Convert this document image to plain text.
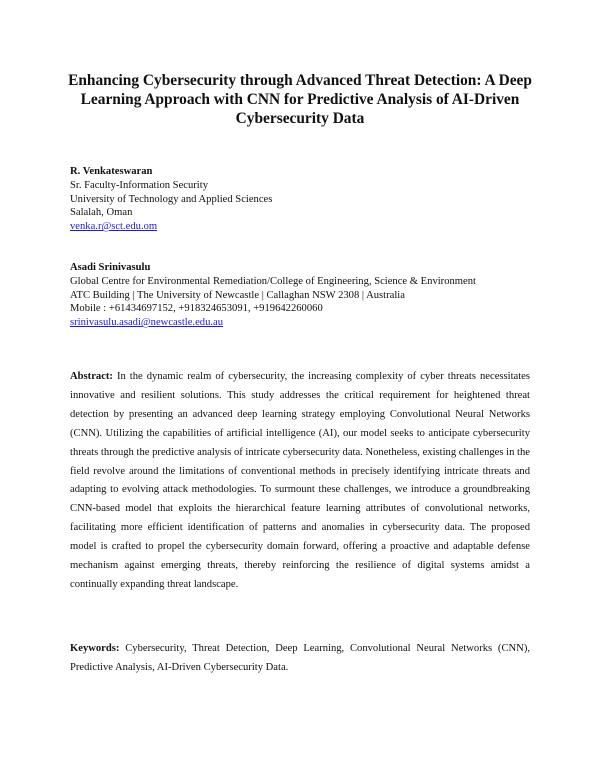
Enhancing Cybersecurity through Advanced Threat Detection: A Deep Learning Approach with CNN for Predictive Analysis of AI-Driven Cybersecurity Data
R. Venkateswaran
Sr. Faculty-Information Security
University of Technology and Applied Sciences
Salalah, Oman
venka.r@sct.edu.om
Asadi Srinivasulu
Global Centre for Environmental Remediation/College of Engineering, Science & Environment
ATC Building | The University of Newcastle | Callaghan NSW 2308 | Australia
Mobile : +61434697152, +918324653091, +919642260060
srinivasulu.asadi@newcastle.edu.au
Abstract: In the dynamic realm of cybersecurity, the increasing complexity of cyber threats necessitates innovative and resilient solutions. This study addresses the critical requirement for heightened threat detection by presenting an advanced deep learning strategy employing Convolutional Neural Networks (CNN). Utilizing the capabilities of artificial intelligence (AI), our model seeks to anticipate cybersecurity threats through the predictive analysis of intricate cybersecurity data. Nonetheless, existing challenges in the field revolve around the limitations of conventional methods in precisely identifying intricate threats and adapting to evolving attack methodologies. To surmount these challenges, we introduce a groundbreaking CNN-based model that exploits the hierarchical feature learning attributes of convolutional networks, facilitating more efficient identification of patterns and anomalies in cybersecurity data. The proposed model is crafted to propel the cybersecurity domain forward, offering a proactive and adaptable defense mechanism against emerging threats, thereby reinforcing the resilience of digital systems amidst a continually expanding threat landscape.
Keywords: Cybersecurity, Threat Detection, Deep Learning, Convolutional Neural Networks (CNN), Predictive Analysis, AI-Driven Cybersecurity Data.
